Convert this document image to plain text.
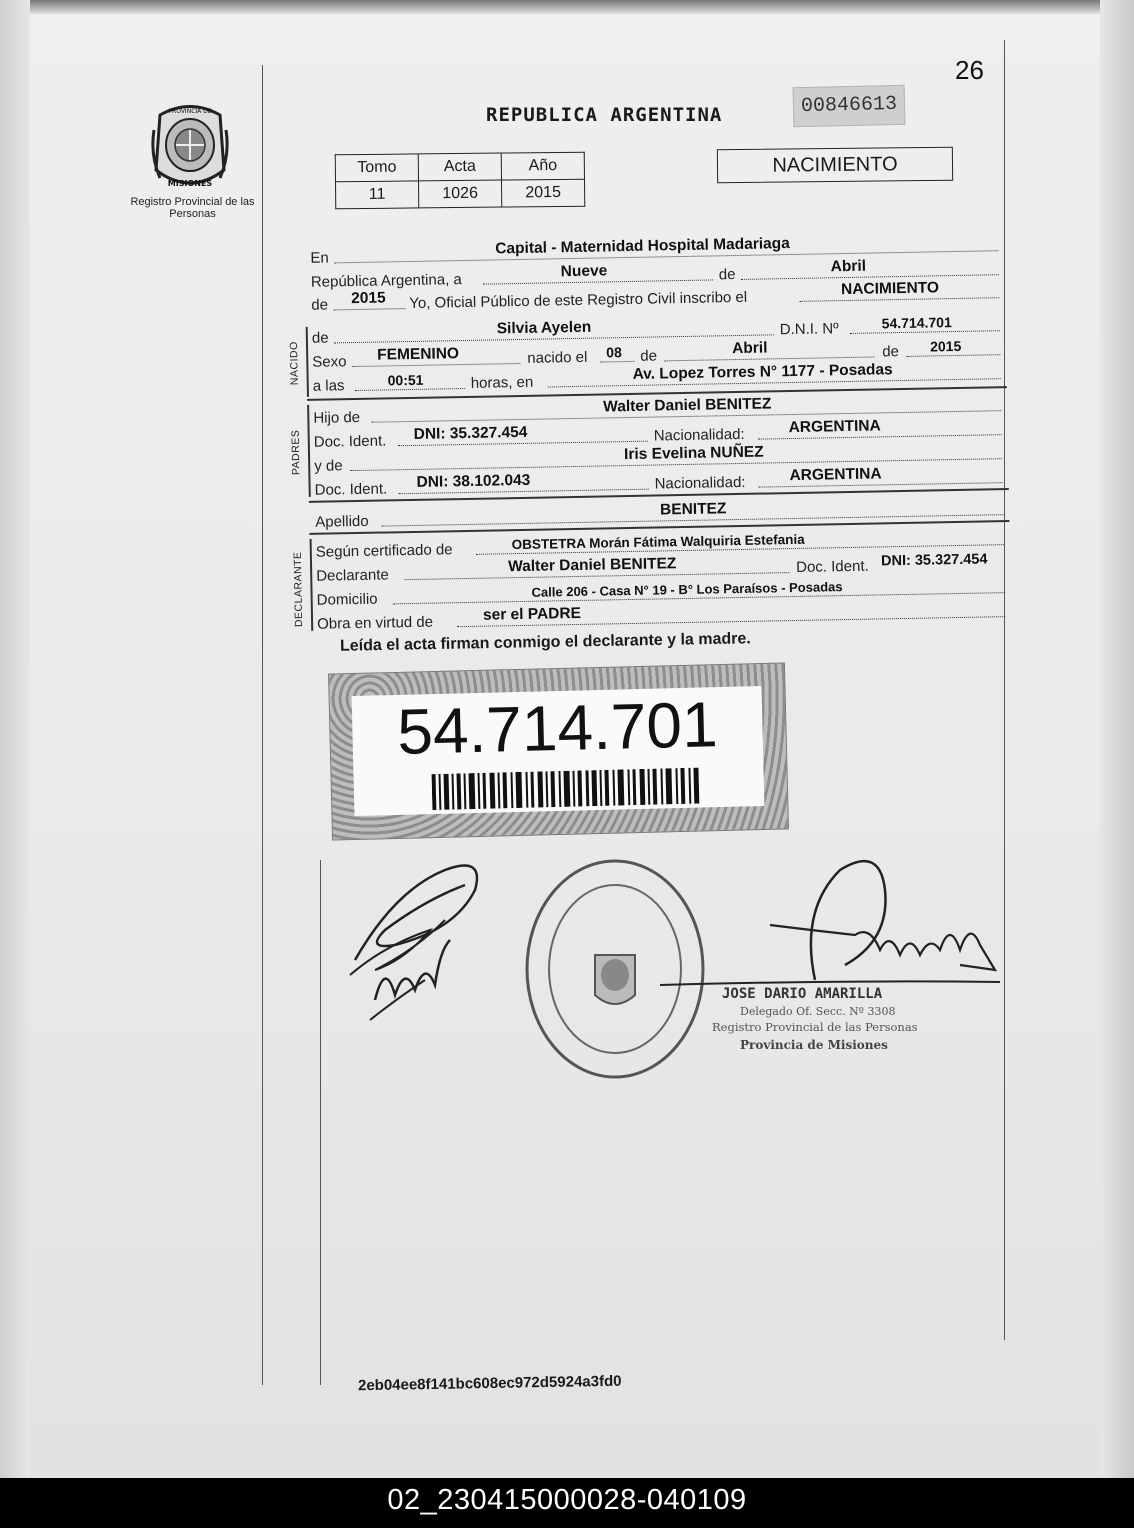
PROVINCIA DE
MISIONES
Registro Provincial de las Personas
26
REPUBLICA ARGENTINA	00846613
Tomo	Acta	Año
11	1026	2015
NACIMIENTO
En
Capital - Maternidad Hospital Madariaga
República Argentina, a	Nueve	de	Abril
de 2015 Yo, Oficial Público de este Registro Civil inscribo el
NACIMIENTO
NACIDO
de
Silvia Ayelen	D.N.I. Nº	54.714.701
Sexo FEMENINO	nacido el 08 de	Abril	de 2015
a las	00:51	horas, en	Av. Lopez Torres N° 1177 - Posadas
PADRES
Hijo de
Walter Daniel BENITEZ
Doc. Ident. DNI: 35.327.454	Nacionalidad:	ARGENTINA
y de
Iris Evelina NUÑEZ
Doc. Ident. DNI: 38.102.043	Nacionalidad:	ARGENTINA
Apellido
BENITEZ
DECLARANTE
Según certificado de	OBSTETRA Morán Fátima Walquiria Estefania
Declarante
Walter Daniel BENITEZ	Doc. Ident. DNI: 35.327.454
Domicilio	Calle 206 - Casa N° 19 - B° Los Paraísos - Posadas
Obra en virtud de	ser el PADRE
Leída el acta firman conmigo el declarante y la madre.
54.714.701
JOSE DARIO AMARILLA
Delegado Of. Secc. Nº 3308
Registro Provincial de las Personas
Provincia de Misiones
2eb04ee8f141bc608ec972d5924a3fd0
02_230415000028-040109
